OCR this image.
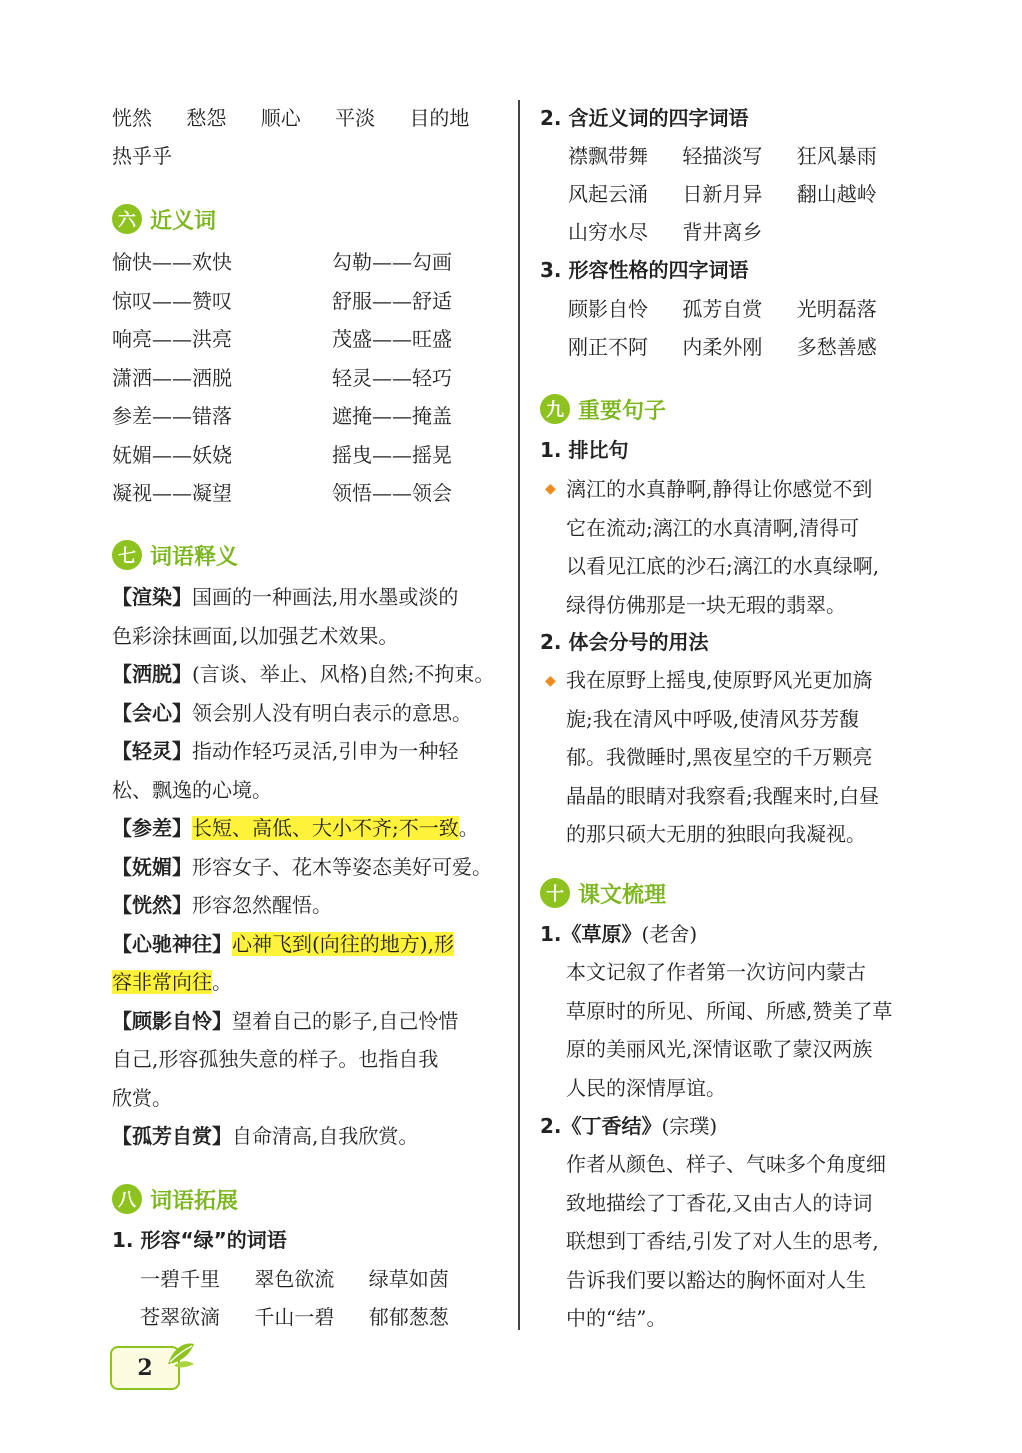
恍然 愁怨 顺心 平淡 目的地
热乎乎
六 近义词
愉快——欢快	勾勒——勾画
惊叹——赞叹	舒服——舒适
响亮——洪亮	茂盛——旺盛
潇洒——洒脱	轻灵——轻巧
参差——错落	遮掩——掩盖
妩媚——妖娆	摇曳——摇晃
凝视——凝望	领悟——领会
七 词语释义
【渲染】国画的一种画法,用水墨或淡的
色彩涂抹画面,以加强艺术效果。
【洒脱】(言谈、举止、风格)自然;不拘束。
【会心】领会别人没有明白表示的意思。
【轻灵】指动作轻巧灵活,引申为一种轻
松、飘逸的心境。
【参差】长短、高低、大小不齐;不一致。
【妩媚】形容女子、花木等姿态美好可爱。
【恍然】形容忽然醒悟。
【心驰神往】心神飞到(向往的地方),形
容非常向往。
【顾影自怜】望着自己的影子,自己怜惜
自己,形容孤独失意的样子。也指自我
欣赏。
【孤芳自赏】自命清高,自我欣赏。
八 词语拓展
1. 形容“绿”的词语
一碧千里 翠色欲流 绿草如茵
苍翠欲滴 千山一碧 郁郁葱葱
2. 含近义词的四字词语
襟飘带舞 轻描淡写 狂风暴雨
风起云涌 日新月异 翻山越岭
山穷水尽 背井离乡
3. 形容性格的四字词语
顾影自怜 孤芳自赏 光明磊落
刚正不阿 内柔外刚 多愁善感
九 重要句子
1. 排比句
◆ 漓江的水真静啊,静得让你感觉不到
它在流动;漓江的水真清啊,清得可
以看见江底的沙石;漓江的水真绿啊,
绿得仿佛那是一块无瑕的翡翠。
2. 体会分号的用法
◆ 我在原野上摇曳,使原野风光更加旖
旎;我在清风中呼吸,使清风芬芳馥
郁。我微睡时,黑夜星空的千万颗亮
晶晶的眼睛对我察看;我醒来时,白昼
的那只硕大无朋的独眼向我凝视。
十 课文梳理
1.《草原》(老舍)
本文记叙了作者第一次访问内蒙古
草原时的所见、所闻、所感,赞美了草
原的美丽风光,深情讴歌了蒙汉两族
人民的深情厚谊。
2.《丁香结》(宗璞)
作者从颜色、样子、气味多个角度细
致地描绘了丁香花,又由古人的诗词
联想到丁香结,引发了对人生的思考,
告诉我们要以豁达的胸怀面对人生
中的“结”。
2
